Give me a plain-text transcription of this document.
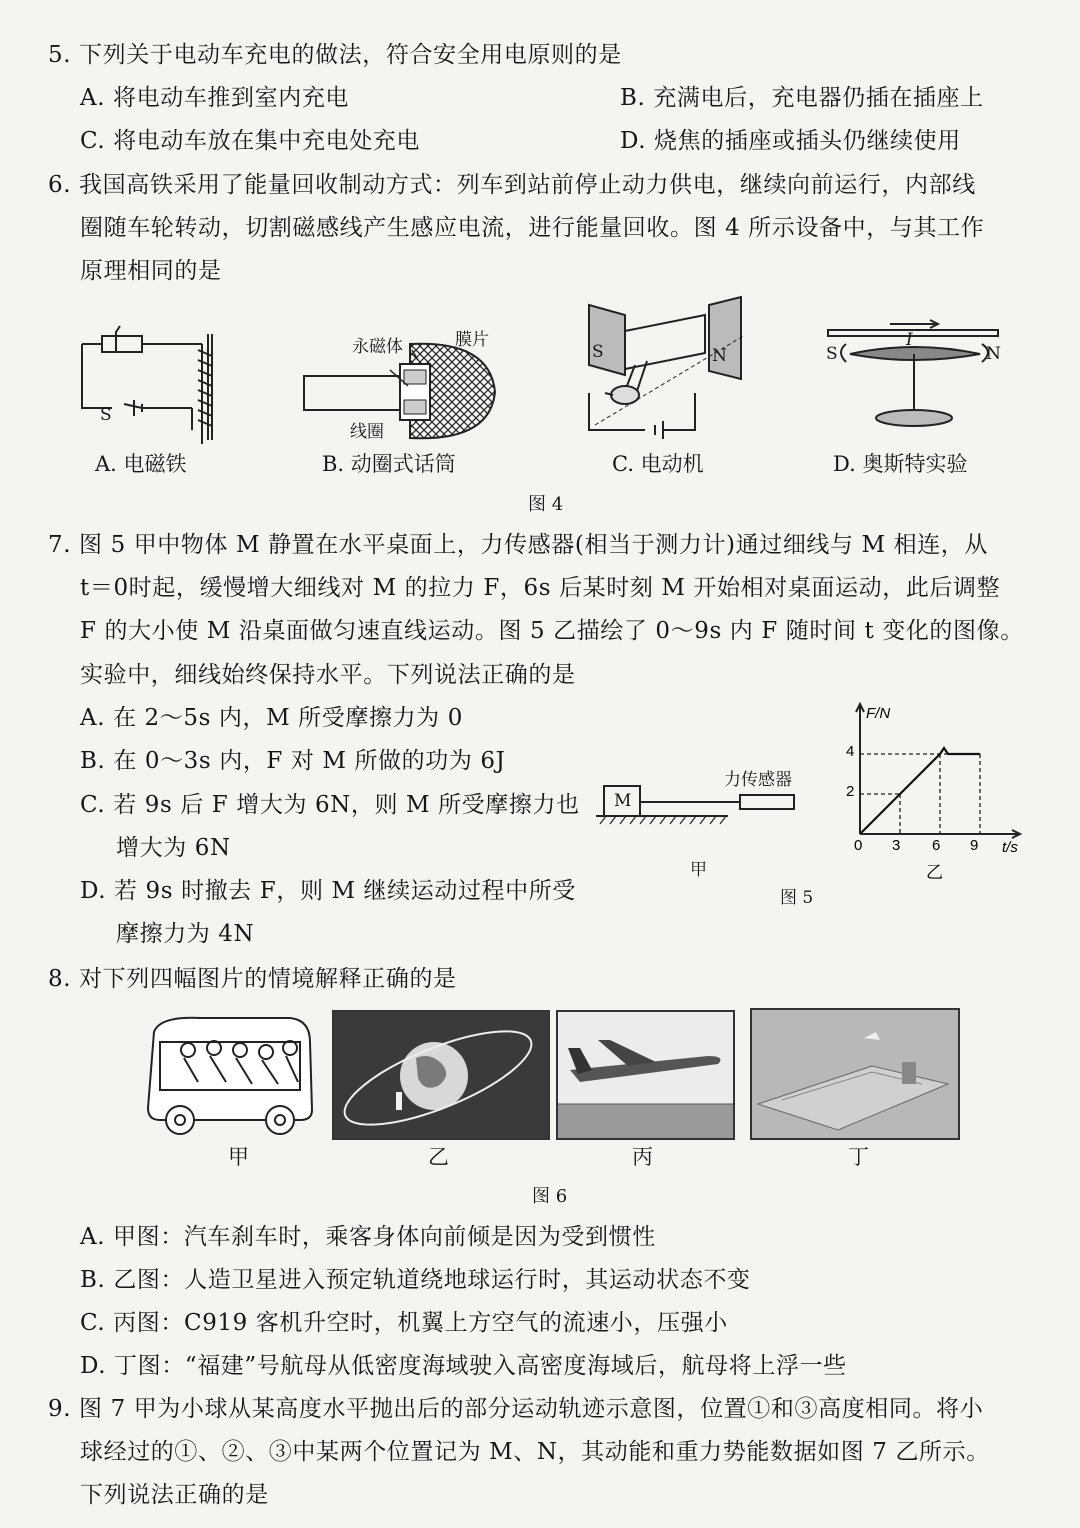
5. 下列关于电动车充电的做法，符合安全用电原则的是
A. 将电动车推到室内充电	B. 充满电后，充电器仍插在插座上
C. 将电动车放在集中充电处充电	D. 烧焦的插座或插头仍继续使用
6. 我国高铁采用了能量回收制动方式：列车到站前停止动力供电，继续向前运行，内部线
圈随车轮转动，切割磁感线产生感应电流，进行能量回收。图 4 所示设备中，与其工作
原理相同的是
S
A. 电磁铁
永磁体	膜片
线圈
B. 动圈式话筒
S	N
C. 电动机
I
S	N
D. 奥斯特实验
图 4
7. 图 5 甲中物体 M 静置在水平桌面上，力传感器(相当于测力计)通过细线与 M 相连，从
t＝0时起，缓慢增大细线对 M 的拉力 F，6s 后某时刻 M 开始相对桌面运动，此后调整
F 的大小使 M 沿桌面做匀速直线运动。图 5 乙描绘了 0～9s 内 F 随时间 t 变化的图像。
实验中，细线始终保持水平。下列说法正确的是
A. 在 2～5s 内，M 所受摩擦力为 0
B. 在 0～3s 内，F 对 M 所做的功为 6J
C. 若 9s 后 F 增大为 6N，则 M 所受摩擦力也
增大为 6N
D. 若 9s 时撤去 F，则 M 继续运动过程中所受
摩擦力为 4N
M
力传感器
甲
图 5
F/N
t/s
0 3 6 9
2
4
乙
8. 对下列四幅图片的情境解释正确的是
甲	乙	丙	丁
图 6
A. 甲图：汽车刹车时，乘客身体向前倾是因为受到惯性
B. 乙图：人造卫星进入预定轨道绕地球运行时，其运动状态不变
C. 丙图：C919 客机升空时，机翼上方空气的流速小，压强小
D. 丁图：“福建”号航母从低密度海域驶入高密度海域后，航母将上浮一些
9. 图 7 甲为小球从某高度水平抛出后的部分运动轨迹示意图，位置①和③高度相同。将小
球经过的①、②、③中某两个位置记为 M、N，其动能和重力势能数据如图 7 乙所示。
下列说法正确的是
